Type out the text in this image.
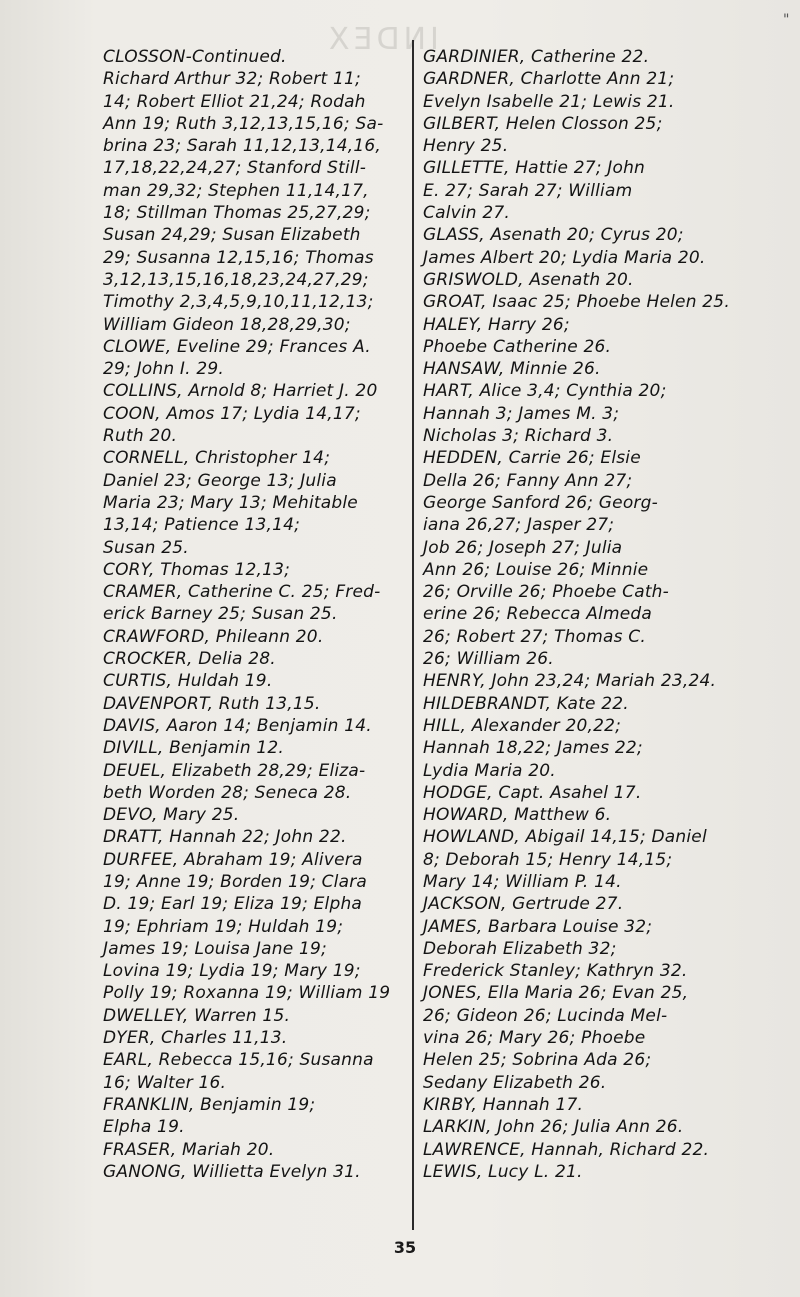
INDEX
"
CLOSSON-Continued.
Richard Arthur 32; Robert 11;
14; Robert Elliot 21,24; Rodah
Ann 19; Ruth 3,12,13,15,16; Sa-
brina 23; Sarah 11,12,13,14,16,
17,18,22,24,27; Stanford Still-
man 29,32; Stephen 11,14,17,
18; Stillman Thomas 25,27,29;
Susan 24,29; Susan Elizabeth
29; Susanna 12,15,16; Thomas
3,12,13,15,16,18,23,24,27,29;
Timothy 2,3,4,5,9,10,11,12,13;
William Gideon 18,28,29,30;
CLOWE, Eveline 29; Frances A.
29; John I. 29.
COLLINS, Arnold 8; Harriet J. 20
COON, Amos 17; Lydia 14,17;
Ruth 20.
CORNELL, Christopher 14;
Daniel 23; George 13; Julia
Maria 23; Mary 13; Mehitable
13,14; Patience 13,14;
Susan 25.
CORY, Thomas 12,13;
CRAMER, Catherine C. 25; Fred-
erick Barney 25; Susan 25.
CRAWFORD, Phileann 20.
CROCKER, Delia 28.
CURTIS, Huldah 19.
DAVENPORT, Ruth 13,15.
DAVIS, Aaron 14; Benjamin 14.
DIVILL, Benjamin 12.
DEUEL, Elizabeth 28,29; Eliza-
beth Worden 28; Seneca 28.
DEVO, Mary 25.
DRATT, Hannah 22; John 22.
DURFEE, Abraham 19; Alivera
19; Anne 19; Borden 19; Clara
D. 19; Earl 19; Eliza 19; Elpha
19; Ephriam 19; Huldah 19;
James 19; Louisa Jane 19;
Lovina 19; Lydia 19; Mary 19;
Polly 19; Roxanna 19; William 19
DWELLEY, Warren 15.
DYER, Charles 11,13.
EARL, Rebecca 15,16; Susanna
16; Walter 16.
FRANKLIN, Benjamin 19;
Elpha 19.
FRASER, Mariah 20.
GANONG, Willietta Evelyn 31.
GARDINIER, Catherine 22.
GARDNER, Charlotte Ann 21;
Evelyn Isabelle 21; Lewis 21.
GILBERT, Helen Closson 25;
Henry 25.
GILLETTE, Hattie 27; John
E. 27; Sarah 27; William
Calvin 27.
GLASS, Asenath 20; Cyrus 20;
James Albert 20; Lydia Maria 20.
GRISWOLD, Asenath 20.
GROAT, Isaac 25; Phoebe Helen 25.
HALEY, Harry 26;
Phoebe Catherine 26.
HANSAW, Minnie 26.
HART, Alice 3,4; Cynthia 20;
Hannah 3; James M. 3;
Nicholas 3; Richard 3.
HEDDEN, Carrie 26; Elsie
Della 26; Fanny Ann 27;
George Sanford 26; Georg-
iana 26,27; Jasper 27;
Job 26; Joseph 27; Julia
Ann 26; Louise 26; Minnie
26; Orville 26; Phoebe Cath-
erine 26; Rebecca Almeda
26; Robert 27; Thomas C.
26; William 26.
HENRY, John 23,24; Mariah 23,24.
HILDEBRANDT, Kate 22.
HILL, Alexander 20,22;
Hannah 18,22; James 22;
Lydia Maria 20.
HODGE, Capt. Asahel 17.
HOWARD, Matthew 6.
HOWLAND, Abigail 14,15; Daniel
8; Deborah 15; Henry 14,15;
Mary 14; William P. 14.
JACKSON, Gertrude 27.
JAMES, Barbara Louise 32;
Deborah Elizabeth 32;
Frederick Stanley; Kathryn 32.
JONES, Ella Maria 26; Evan 25,
26; Gideon 26; Lucinda Mel-
vina 26; Mary 26; Phoebe
Helen 25; Sobrina Ada 26;
Sedany Elizabeth 26.
KIRBY, Hannah 17.
LARKIN, John 26; Julia Ann 26.
LAWRENCE, Hannah, Richard 22.
LEWIS, Lucy L. 21.
35
